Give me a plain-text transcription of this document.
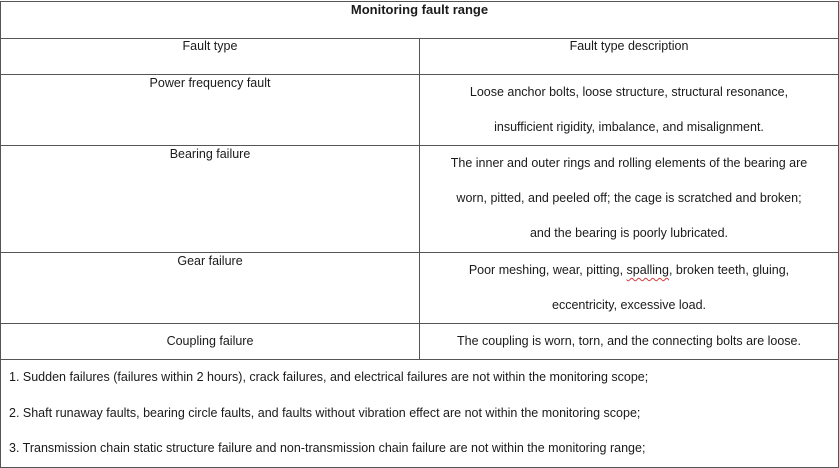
Monitoring fault range	
Fault type	Fault type description
Power frequency fault	Loose anchor bolts, loose structure, structural resonance,
insufficient rigidity, imbalance, and misalignment.

Bearing failure	The inner and outer rings and rolling elements of the bearing are
worn, pitted, and peeled off; the cage is scratched and broken;
and the bearing is poorly lubricated.

Gear failure	Poor meshing, wear, pitting, spalling, broken teeth, gluing,
eccentricity, excessive load.

Coupling failure	The coupling is worn, torn, and the connecting bolts are loose.

1. Sudden failures (failures within 2 hours), crack failures, and electrical failures are not within the monitoring scope;
2. Shaft runaway faults, bearing circle faults, and faults without vibration effect are not within the monitoring scope;
3. Transmission chain static structure failure and non-transmission chain failure are not within the monitoring range;	
